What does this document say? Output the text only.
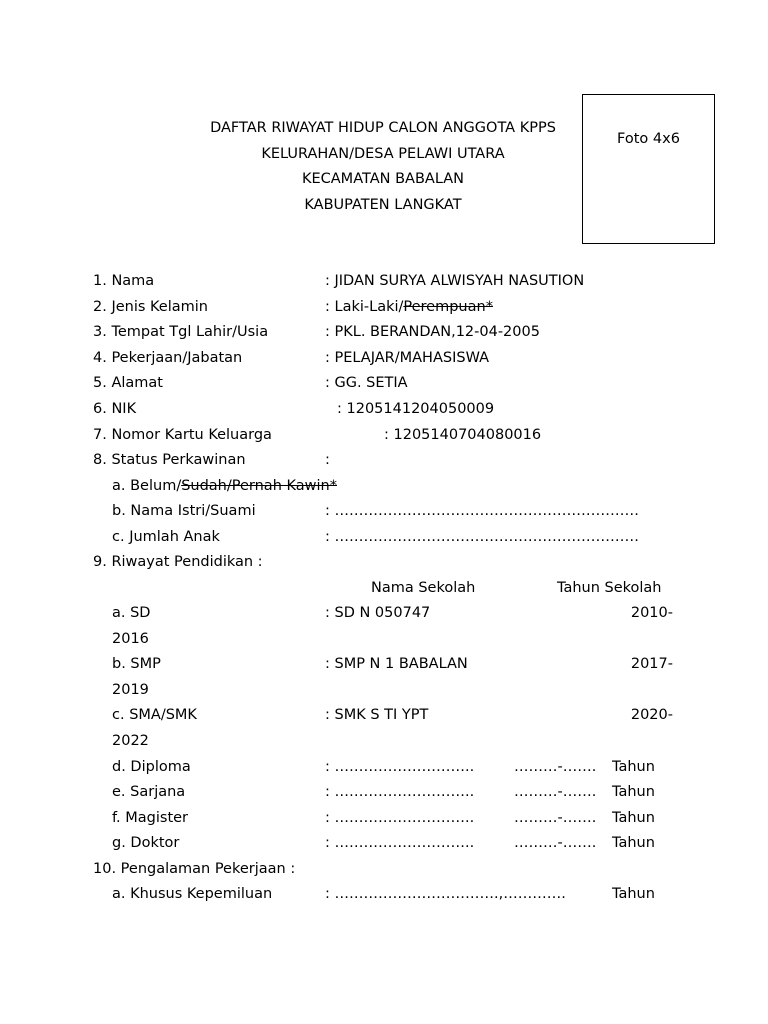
DAFTAR RIWAYAT HIDUP CALON ANGGOTA KPPS
KELURAHAN/DESA PELAWI UTARA
KECAMATAN BABALAN
KABUPATEN LANGKAT
Foto 4x6
1. Nama	: JIDAN SURYA ALWISYAH NASUTION
2. Jenis Kelamin	: Laki-Laki/Perempuan*
3. Tempat Tgl Lahir/Usia	: PKL. BERANDAN,12-04-2005
4. Pekerjaan/Jabatan	: PELAJAR/MAHASISWA
5. Alamat	: GG. SETIA
6. NIK	: 1205141204050009
7. Nomor Kartu Keluarga	: 1205140704080016
8. Status Perkawinan	:
a. Belum/Sudah/Pernah Kawin*
b. Nama Istri/Suami	: ………………………………………………………
c. Jumlah Anak	: ………………………………………………………
9. Riwayat Pendidikan :
Nama Sekolah	Tahun Sekolah
a. SD	: SD N 050747	2010-
2016
b. SMP	: SMP N 1 BABALAN	2017-
2019
c. SMA/SMK	: SMK S TI YPT	2020-
2022
d. Diploma	: ………………………..	………-……. Tahun
e. Sarjana	: ………………………..	………-……. Tahun
f. Magister	: ………………………..	………-……. Tahun
g. Doktor	: ………………………..	………-……. Tahun
10. Pengalaman Pekerjaan :
a. Khusus Kepemiluan	: …………………………….,………….	Tahun
